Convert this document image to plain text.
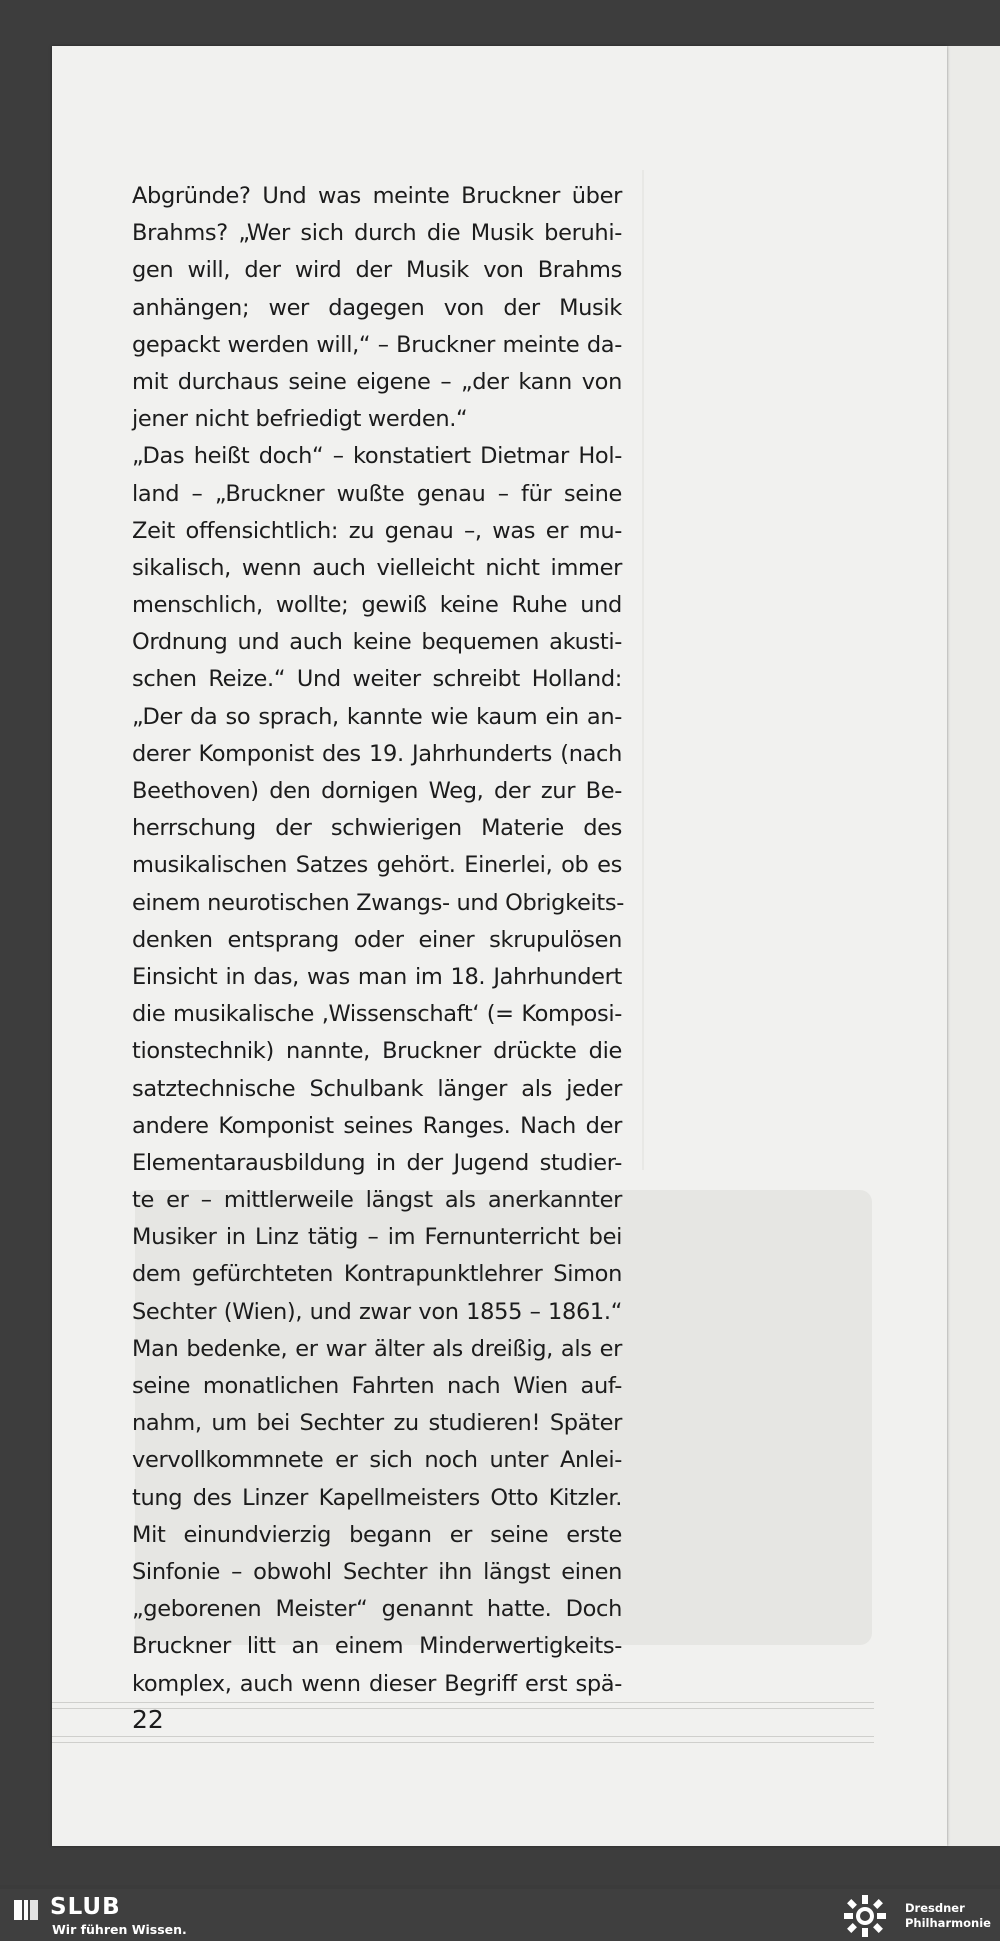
Abgründe? Und was meinte Bruckner über
Brahms? „Wer sich durch die Musik beruhi-
gen will, der wird der Musik von Brahms
anhängen; wer dagegen von der Musik
gepackt werden will,“ – Bruckner meinte da-
mit durchaus seine eigene – „der kann von
jener nicht befriedigt werden.“
„Das heißt doch“ – konstatiert Dietmar Hol-
land – „Bruckner wußte genau – für seine
Zeit offensichtlich: zu genau –, was er mu-
sikalisch, wenn auch vielleicht nicht immer
menschlich, wollte; gewiß keine Ruhe und
Ordnung und auch keine bequemen akusti-
schen Reize.“ Und weiter schreibt Holland:
„Der da so sprach, kannte wie kaum ein an-
derer Komponist des 19. Jahrhunderts (nach
Beethoven) den dornigen Weg, der zur Be-
herrschung der schwierigen Materie des
musikalischen Satzes gehört. Einerlei, ob es
einem neurotischen Zwangs- und Obrigkeits-
denken entsprang oder einer skrupulösen
Einsicht in das, was man im 18. Jahrhundert
die musikalische ‚Wissenschaft‘ (= Komposi-
tionstechnik) nannte, Bruckner drückte die
satztechnische Schulbank länger als jeder
andere Komponist seines Ranges. Nach der
Elementarausbildung in der Jugend studier-
te er – mittlerweile längst als anerkannter
Musiker in Linz tätig – im Fernunterricht bei
dem gefürchteten Kontrapunktlehrer Simon
Sechter (Wien), und zwar von 1855 – 1861.“
Man bedenke, er war älter als dreißig, als er
seine monatlichen Fahrten nach Wien auf-
nahm, um bei Sechter zu studieren! Später
vervollkommnete er sich noch unter Anlei-
tung des Linzer Kapellmeisters Otto Kitzler.
Mit einundvierzig begann er seine erste
Sinfonie – obwohl Sechter ihn längst einen
„geborenen Meister“ genannt hatte. Doch
Bruckner litt an einem Minderwertigkeits-
komplex, auch wenn dieser Begriff erst spä-
22
SLUB
Wir führen Wissen.
Dresdner
Philharmonie
